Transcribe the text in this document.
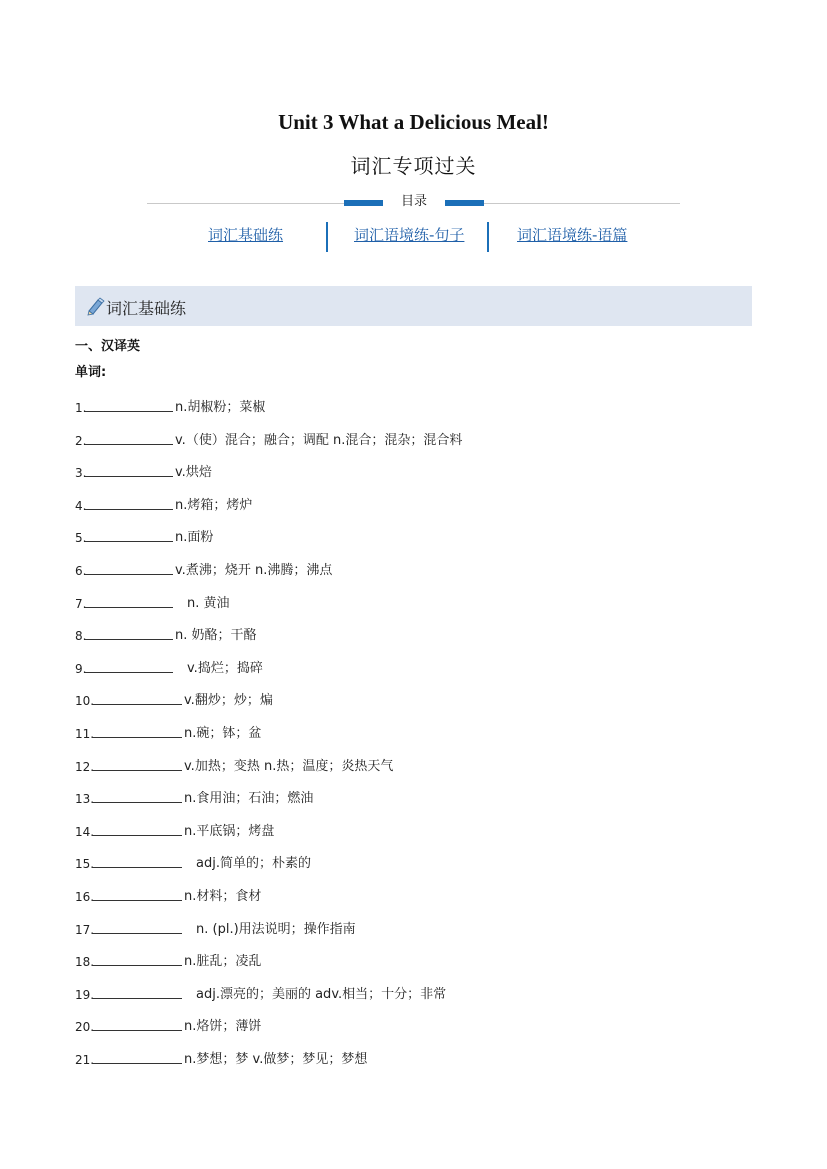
Unit 3 What a Delicious Meal!
词汇专项过关
目录
词汇基础练	词汇语境练-句子	词汇语境练-语篇
词汇基础练
一、汉译英
单词:
1.	n.胡椒粉；菜椒
2.	v.（使）混合；融合；调配 n.混合；混杂；混合料
3.	v.烘焙
4.	n.烤箱；烤炉
5.	n.面粉
6.	v.煮沸；烧开 n.沸腾；沸点
7.	n. 黄油
8.	n. 奶酪；干酪
9.	v.捣烂；捣碎
10.	v.翻炒；炒；煸
11.	n.碗；钵；盆
12.	v.加热；变热 n.热；温度；炎热天气
13.	n.食用油；石油；燃油
14.	n.平底锅；烤盘
15.	adj.简单的；朴素的
16.	n.材料；食材
17.	n. (pl.)用法说明；操作指南
18.	n.脏乱；凌乱
19.	adj.漂亮的；美丽的 adv.相当；十分；非常
20.	n.烙饼；薄饼
21.	n.梦想；梦 v.做梦；梦见；梦想
